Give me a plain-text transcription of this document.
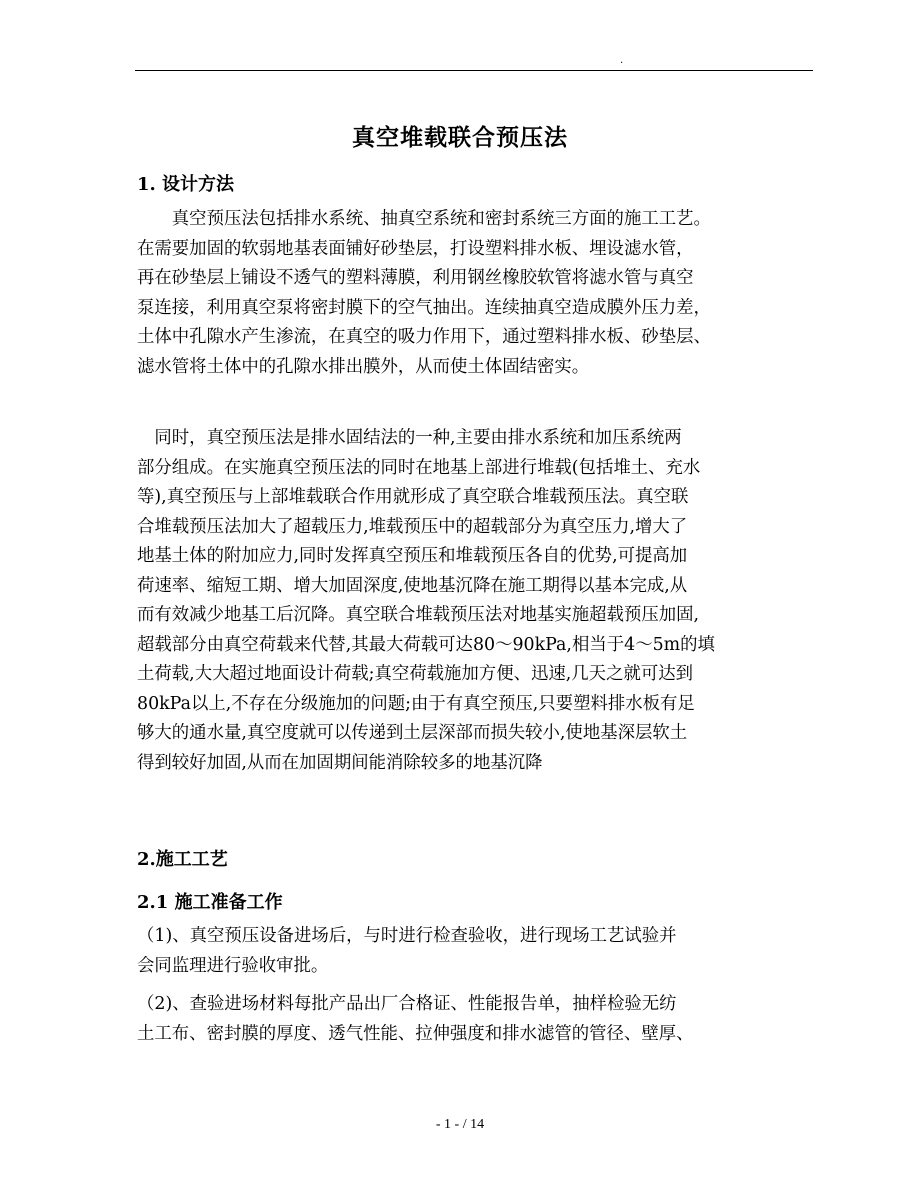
.
真空堆载联合预压法
1. 设计方法
　　真空预压法包括排水系统、抽真空系统和密封系统三方面的施工工艺。
在需要加固的软弱地基表面铺好砂垫层，打设塑料排水板、埋设滤水管，
再在砂垫层上铺设不透气的塑料薄膜，利用钢丝橡胶软管将滤水管与真空
泵连接，利用真空泵将密封膜下的空气抽出。连续抽真空造成膜外压力差，
土体中孔隙水产生渗流，在真空的吸力作用下，通过塑料排水板、砂垫层、
滤水管将土体中的孔隙水排出膜外，从而使土体固结密实。
　同时，真空预压法是排水固结法的一种,主要由排水系统和加压系统两
部分组成。在实施真空预压法的同时在地基上部进行堆载(包括堆土、充水
等),真空预压与上部堆载联合作用就形成了真空联合堆载预压法。真空联
合堆载预压法加大了超载压力,堆载预压中的超载部分为真空压力,增大了
地基土体的附加应力,同时发挥真空预压和堆载预压各自的优势,可提高加
荷速率、缩短工期、增大加固深度,使地基沉降在施工期得以基本完成,从
而有效减少地基工后沉降。真空联合堆载预压法对地基实施超载预压加固,
超载部分由真空荷载来代替,其最大荷载可达80～90kPa,相当于4～5m的填
土荷载,大大超过地面设计荷载;真空荷载施加方便、迅速,几天之就可达到
80kPa以上,不存在分级施加的问题;由于有真空预压,只要塑料排水板有足
够大的通水量,真空度就可以传递到土层深部而损失较小,使地基深层软土
得到较好加固,从而在加固期间能消除较多的地基沉降
2.施工工艺
2.1 施工准备工作
（1)、真空预压设备进场后，与时进行检查验收，进行现场工艺试验并
会同监理进行验收审批。
（2)、查验进场材料每批产品出厂合格证、性能报告单，抽样检验无纺
土工布、密封膜的厚度、透气性能、拉伸强度和排水滤管的管径、壁厚、
- 1 - / 14
